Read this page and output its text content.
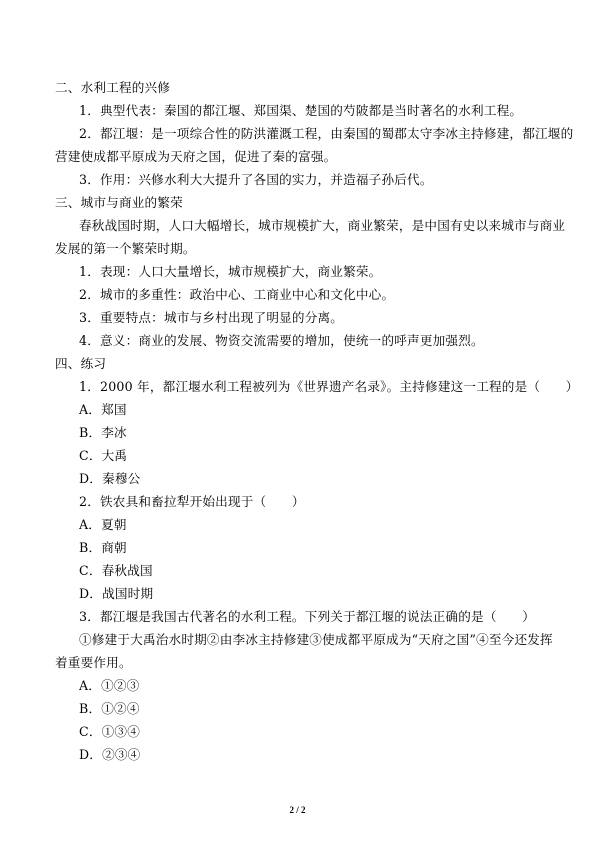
二、水利工程的兴修
1．典型代表：秦国的都江堰、郑国渠、楚国的芍陂都是当时著名的水利工程。
2．都江堰：是一项综合性的防洪灌溉工程，由秦国的蜀郡太守李冰主持修建，都江堰的
营建使成都平原成为天府之国，促进了秦的富强。
3．作用：兴修水利大大提升了各国的实力，并造福子孙后代。
三、城市与商业的繁荣
春秋战国时期，人口大幅增长，城市规模扩大，商业繁荣，是中国有史以来城市与商业
发展的第一个繁荣时期。
1．表现：人口大量增长，城市规模扩大，商业繁荣。
2．城市的多重性：政治中心、工商业中心和文化中心。
3．重要特点：城市与乡村出现了明显的分离。
4．意义：商业的发展、物资交流需要的增加，使统一的呼声更加强烈。
四、练习
1．2000 年，都江堰水利工程被列为《世界遗产名录》。主持修建这一工程的是（　　）
A．郑国
B．李冰
C．大禹
D．秦穆公
2．铁农具和畜拉犁开始出现于（　　）
A．夏朝
B．商朝
C．春秋战国
D．战国时期
3．都江堰是我国古代著名的水利工程。下列关于都江堰的说法正确的是（　　）
①修建于大禹治水时期②由李冰主持修建③使成都平原成为“天府之国”④至今还发挥
着重要作用。
A．①②③
B．①②④
C．①③④
D．②③④
2 / 2
